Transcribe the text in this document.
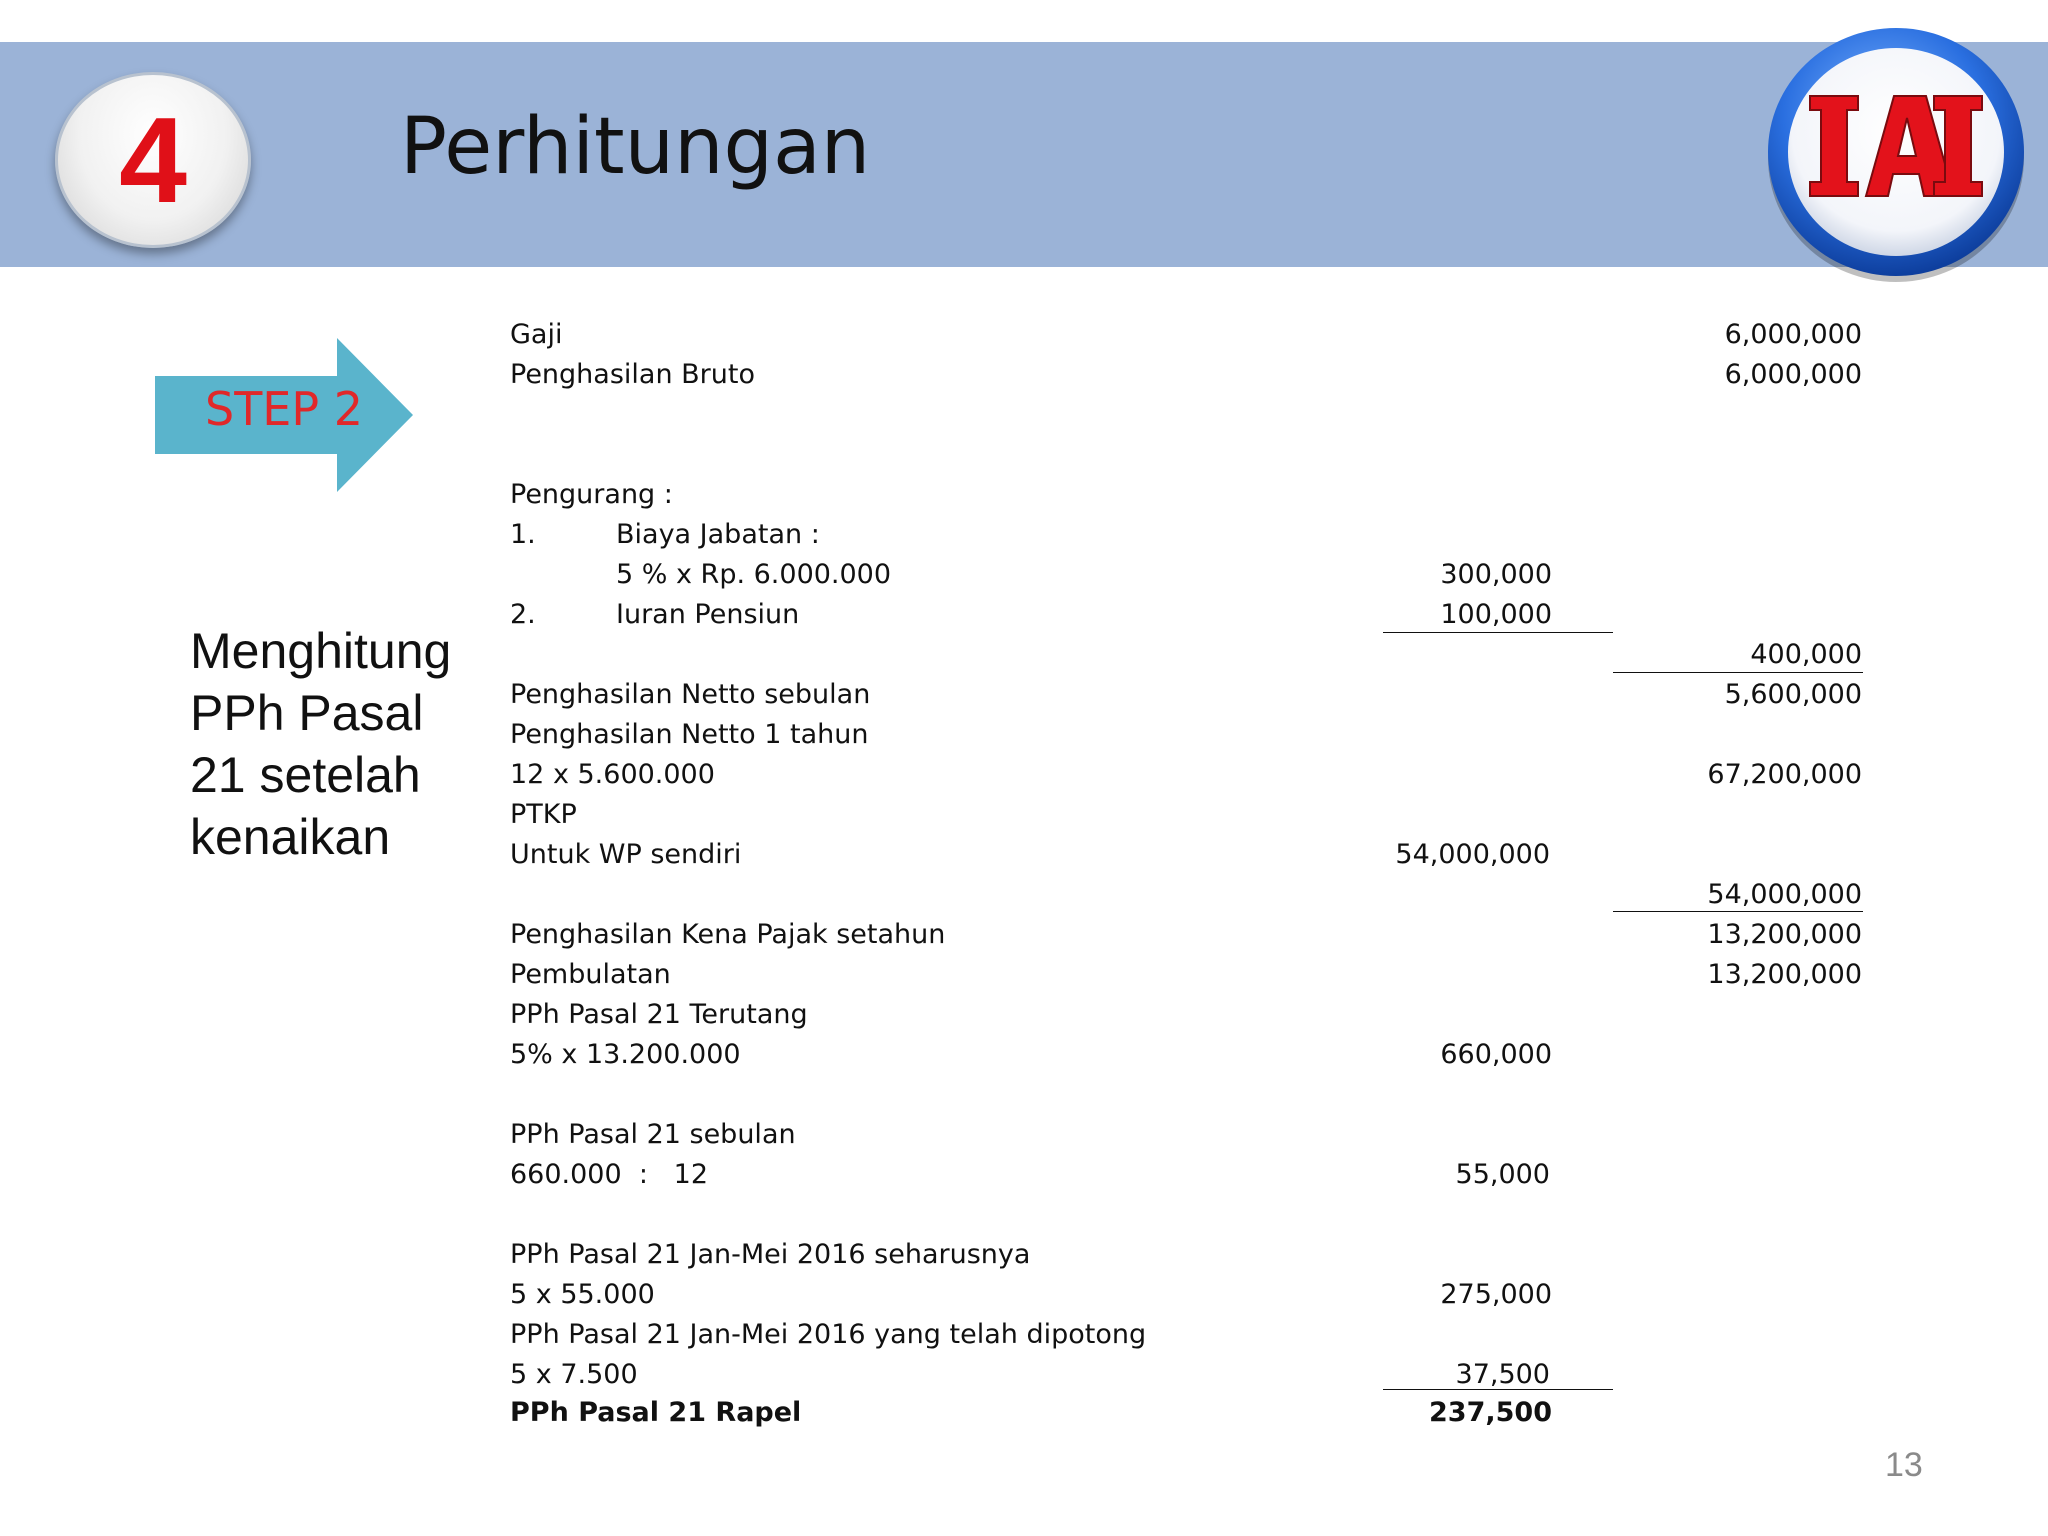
4	Perhitungan
STEP 2
Menghitung
PPh Pasal
21 setelah
kenaikan
Gaji	6,000,000
Penghasilan Bruto	6,000,000
Pengurang :
1.	Biaya Jabatan :
5 % x Rp. 6.000.000	300,000
2.	Iuran Pensiun	100,000
400,000
Penghasilan Netto sebulan	5,600,000
Penghasilan Netto 1 tahun
12 x 5.600.000	67,200,000
PTKP
Untuk WP sendiri	54,000,000
54,000,000
Penghasilan Kena Pajak setahun	13,200,000
Pembulatan	13,200,000
PPh Pasal 21 Terutang
5% x 13.200.000	660,000
PPh Pasal 21 sebulan
660.000  :   12	55,000
PPh Pasal 21 Jan-Mei 2016 seharusnya
5 x 55.000	275,000
PPh Pasal 21 Jan-Mei 2016 yang telah dipotong
5 x 7.500	37,500
PPh Pasal 21 Rapel	237,500
13
